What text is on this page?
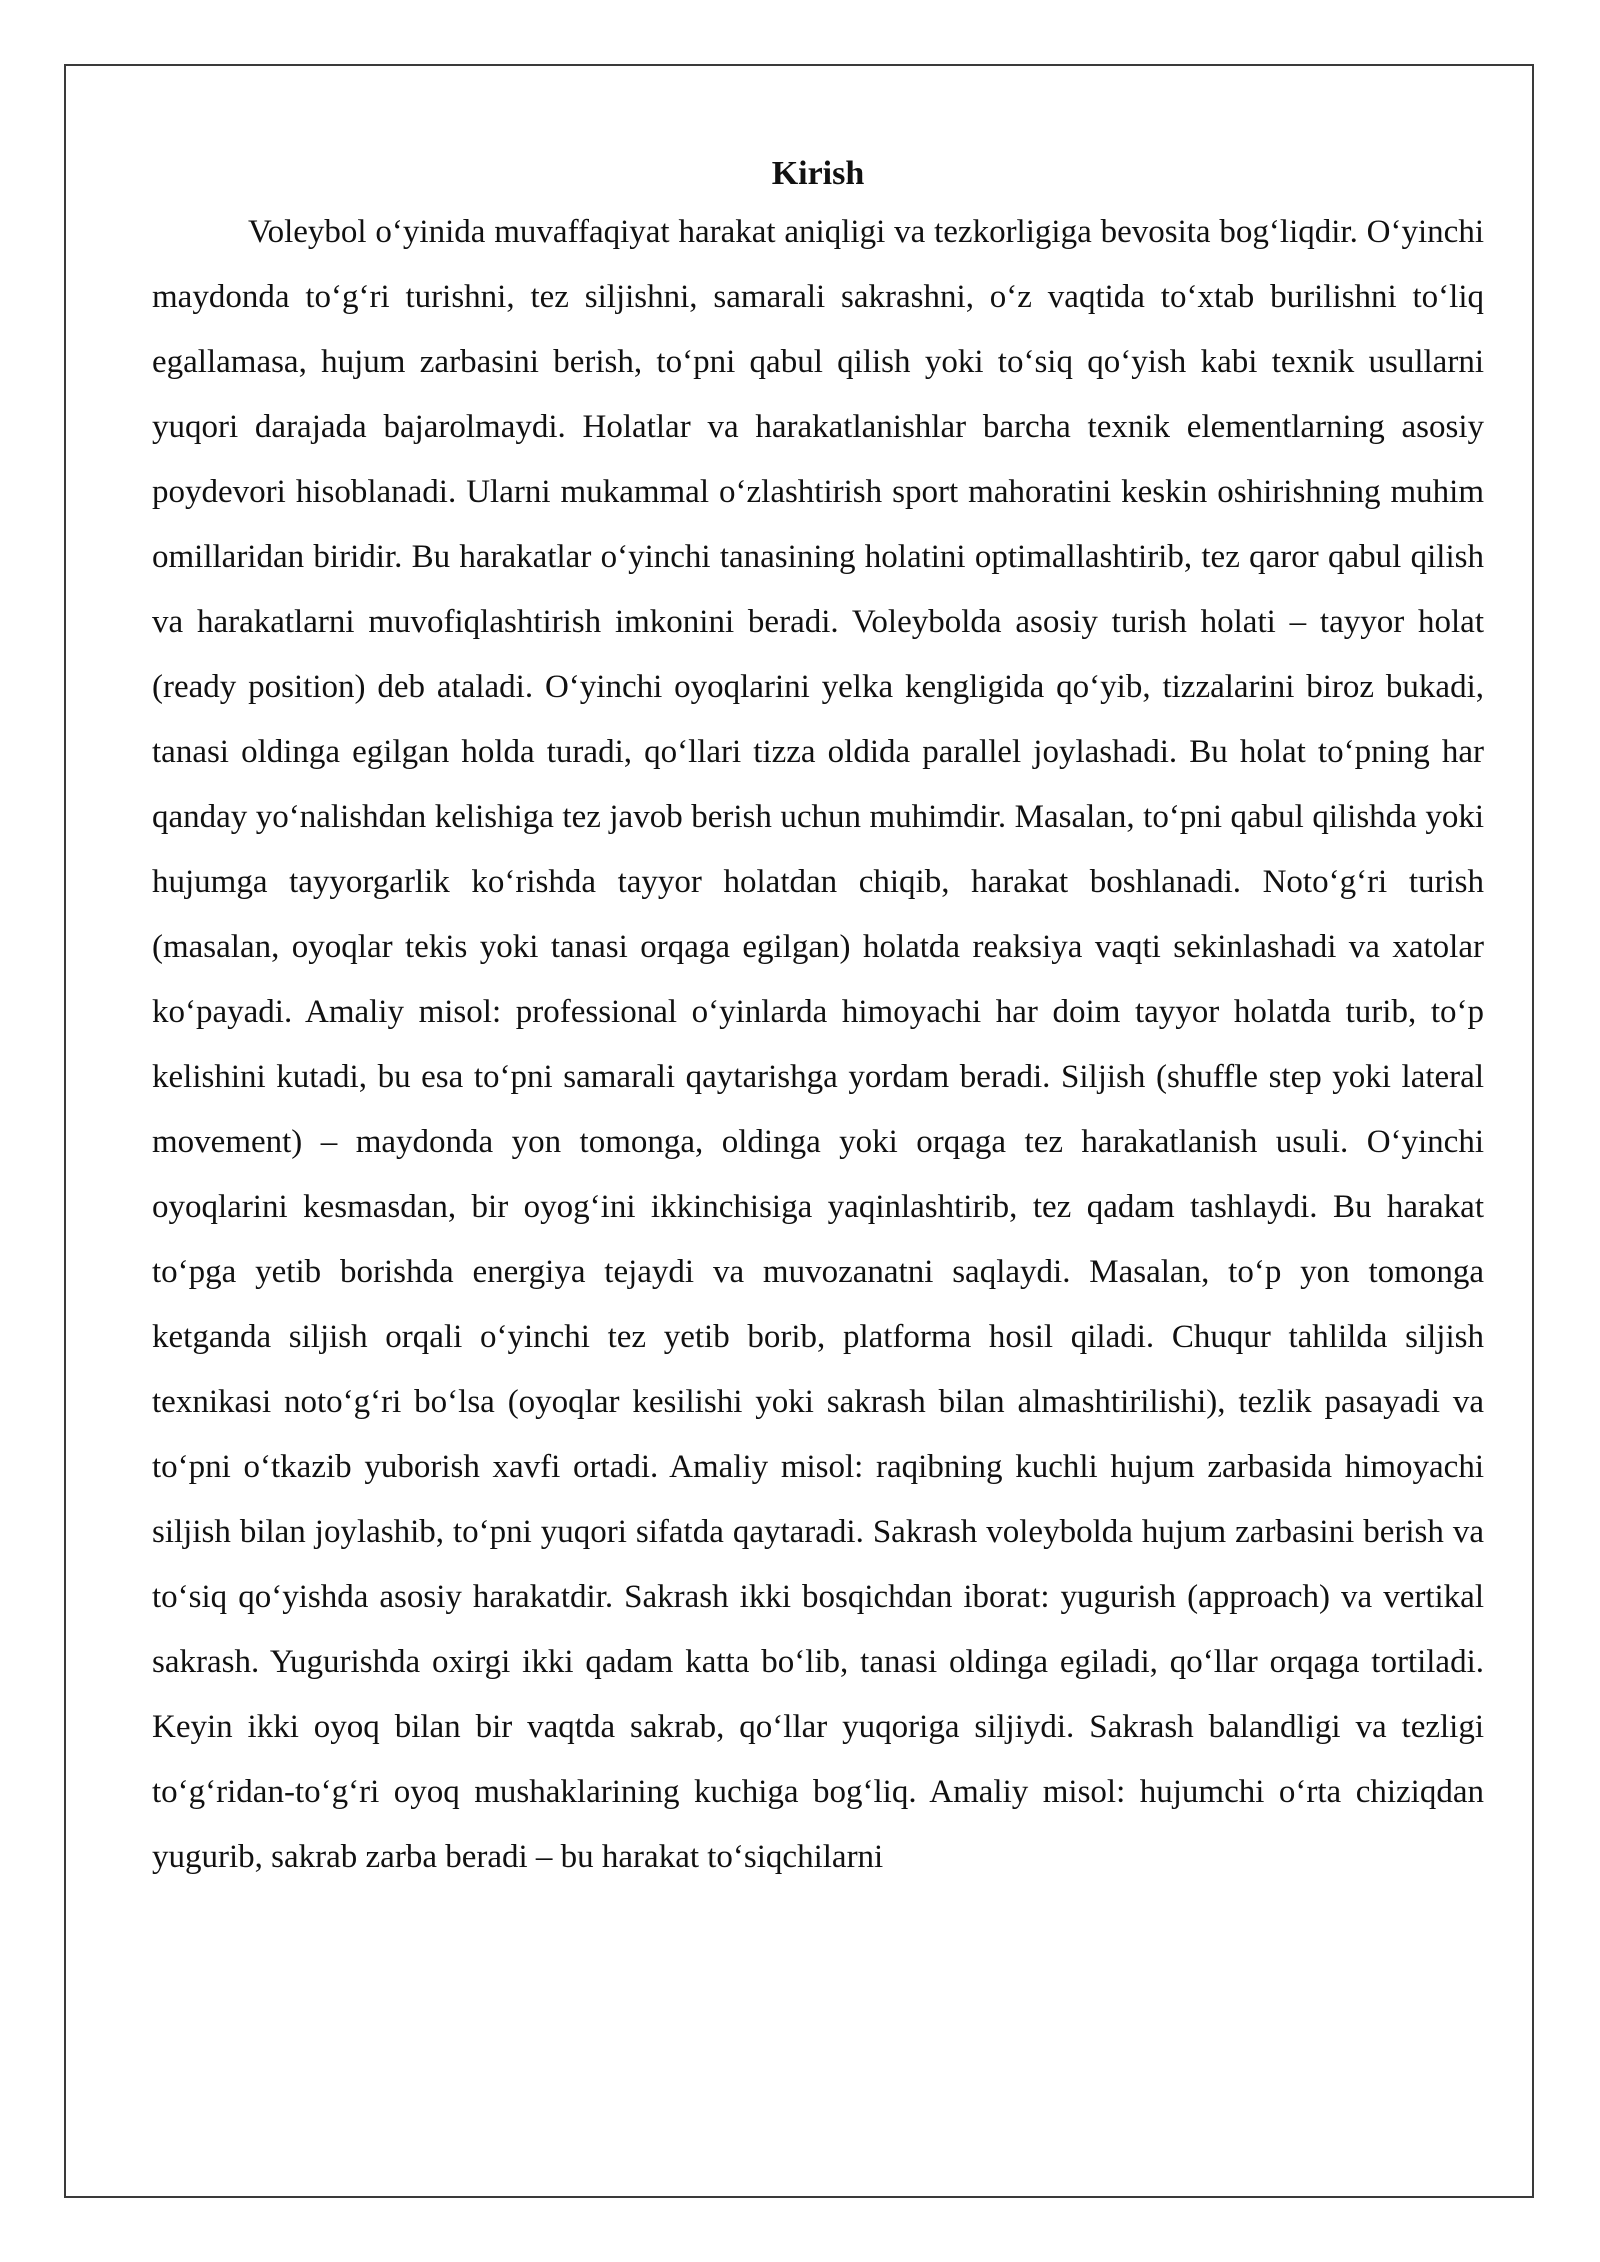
Kirish

Voleybol o‘yinida muvaffaqiyat harakat aniqligi va tezkorligiga bevosita bog‘liqdir. O‘yinchi maydonda to‘g‘ri turishni, tez siljishni, samarali sakrashni, o‘z vaqtida to‘xtab burilishni to‘liq egallamasa, hujum zarbasini berish, to‘pni qabul qilish yoki to‘siq qo‘yish kabi texnik usullarni yuqori darajada bajarolmaydi. Holatlar va harakatlanishlar barcha texnik elementlarning asosiy poydevori hisoblanadi. Ularni mukammal o‘zlashtirish sport mahoratini keskin oshirishning muhim omillaridan biridir. Bu harakatlar o‘yinchi tanasining holatini optimallashtirib, tez qaror qabul qilish va harakatlarni muvofiqlashtirish imkonini beradi. Voleybolda asosiy turish holati – tayyor holat (ready position) deb ataladi. O‘yinchi oyoqlarini yelka kengligida qo‘yib, tizzalarini biroz bukadi, tanasi oldinga egilgan holda turadi, qo‘llari tizza oldida parallel joylashadi. Bu holat to‘pning har qanday yo‘nalishdan kelishiga tez javob berish uchun muhimdir. Masalan, to‘pni qabul qilishda yoki hujumga tayyorgarlik ko‘rishda tayyor holatdan chiqib, harakat boshlanadi. Noto‘g‘ri turish (masalan, oyoqlar tekis yoki tanasi orqaga egilgan) holatda reaksiya vaqti sekinlashadi va xatolar ko‘payadi. Amaliy misol: professional o‘yinlarda himoyachi har doim tayyor holatda turib, to‘p kelishini kutadi, bu esa to‘pni samarali qaytarishga yordam beradi. Siljish (shuffle step yoki lateral movement) – maydonda yon tomonga, oldinga yoki orqaga tez harakatlanish usuli. O‘yinchi oyoqlarini kesmasdan, bir oyog‘ini ikkinchisiga yaqinlashtirib, tez qadam tashlaydi. Bu harakat to‘pga yetib borishda energiya tejaydi va muvozanatni saqlaydi. Masalan, to‘p yon tomonga ketganda siljish orqali o‘yinchi tez yetib borib, platforma hosil qiladi. Chuqur tahlilda siljish texnikasi noto‘g‘ri bo‘lsa (oyoqlar kesilishi yoki sakrash bilan almashtirilishi), tezlik pasayadi va to‘pni o‘tkazib yuborish xavfi ortadi. Amaliy misol: raqibning kuchli hujum zarbasida himoyachi siljish bilan joylashib, to‘pni yuqori sifatda qaytaradi. Sakrash voleybolda hujum zarbasini berish va to‘siq qo‘yishda asosiy harakatdir. Sakrash ikki bosqichdan iborat: yugurish (approach) va vertikal sakrash. Yugurishda oxirgi ikki qadam katta bo‘lib, tanasi oldinga egiladi, qo‘llar orqaga tortiladi. Keyin ikki oyoq bilan bir vaqtda sakrab, qo‘llar yuqoriga siljiydi. Sakrash balandligi va tezligi to‘g‘ridan-to‘g‘ri oyoq mushaklarining kuchiga bog‘liq. Amaliy misol: hujumchi o‘rta chiziqdan yugurib, sakrab zarba beradi – bu harakat to‘siqchilarni
